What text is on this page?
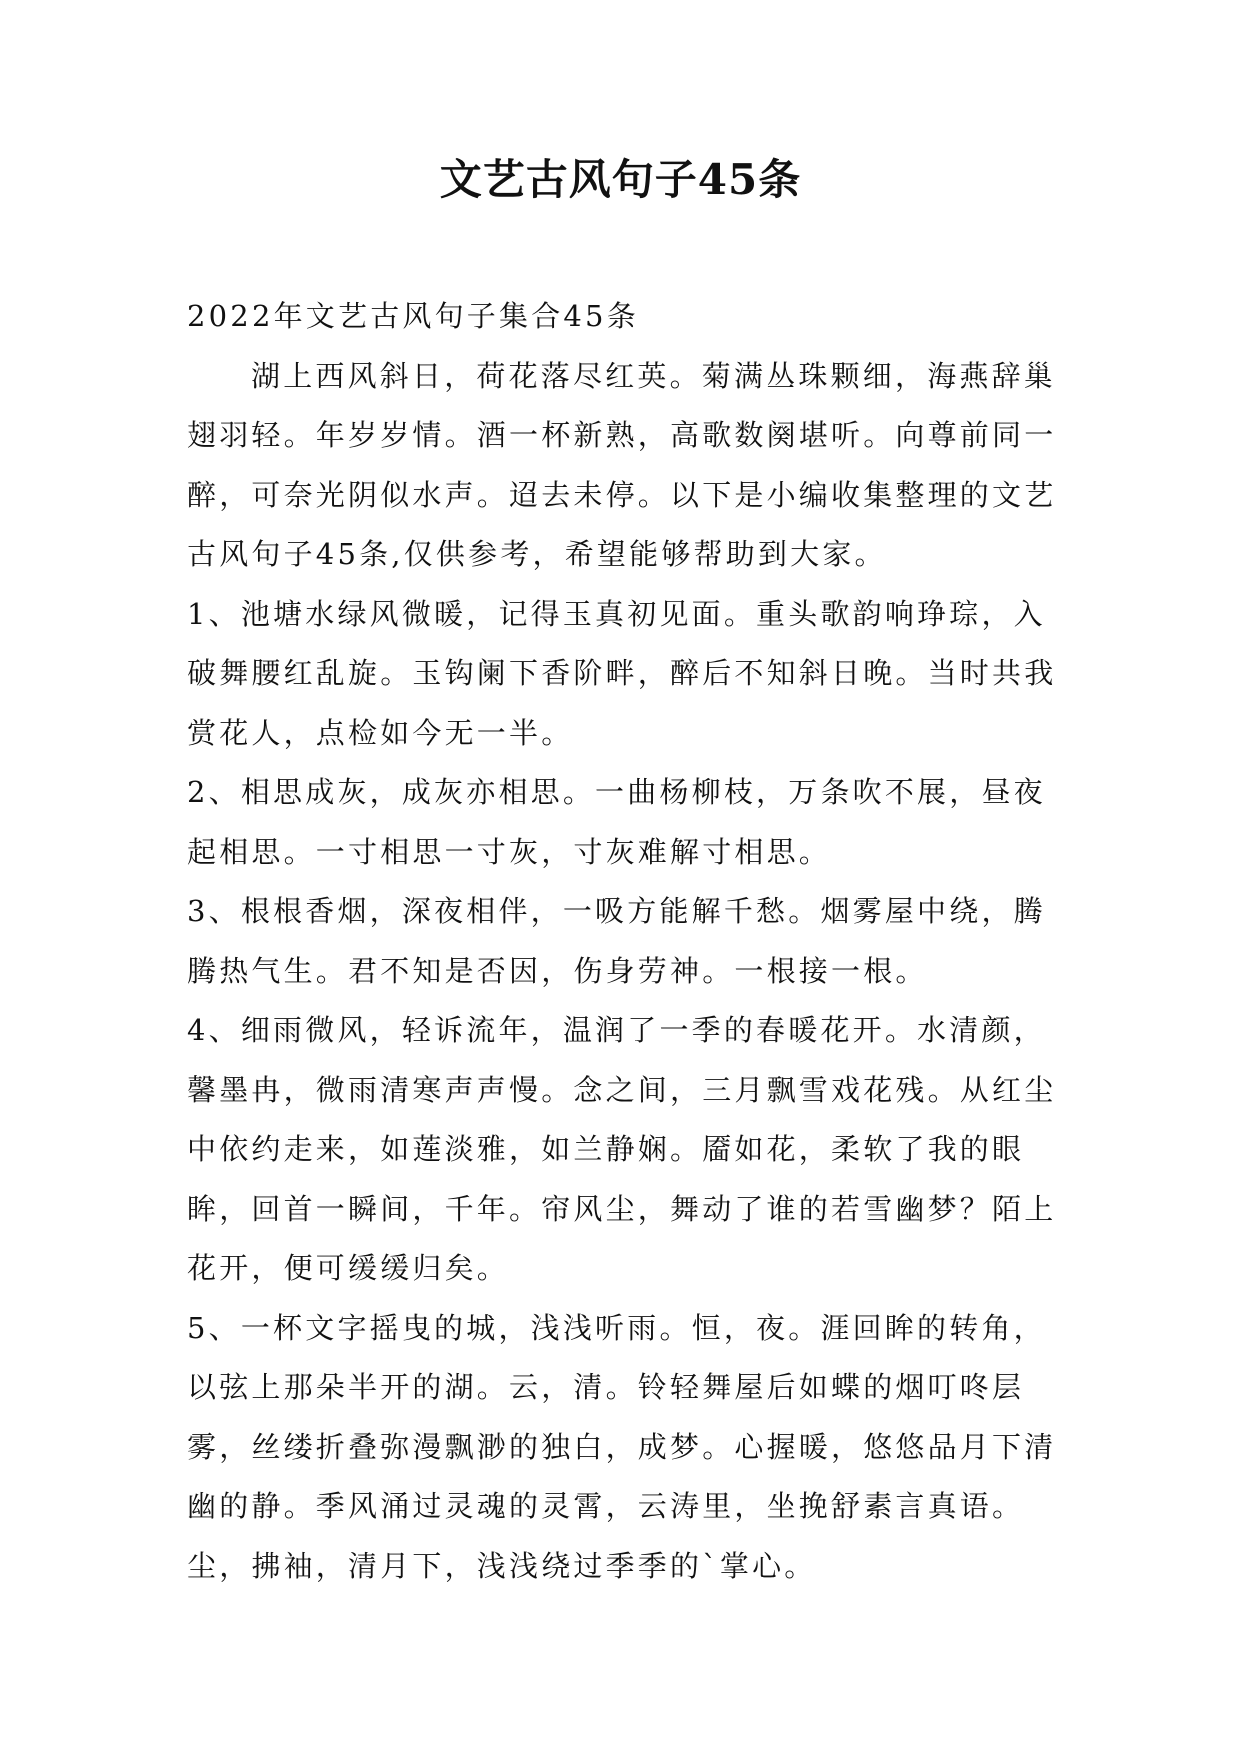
文艺古风句子45条

2022年文艺古风句子集合45条

湖上西风斜日，荷花落尽红英。菊满丛珠颗细，海燕辞巢翅羽轻。年岁岁情。酒一杯新熟，高歌数阕堪听。向尊前同一醉，可奈光阴似水声。迢去未停。以下是小编收集整理的文艺古风句子45条,仅供参考，希望能够帮助到大家。

1、池塘水绿风微暖，记得玉真初见面。重头歌韵响琤琮，入破舞腰红乱旋。玉钩阑下香阶畔，醉后不知斜日晚。当时共我赏花人，点检如今无一半。

2、相思成灰，成灰亦相思。一曲杨柳枝，万条吹不展，昼夜起相思。一寸相思一寸灰，寸灰难解寸相思。

3、根根香烟，深夜相伴，一吸方能解千愁。烟雾屋中绕，腾腾热气生。君不知是否因，伤身劳神。一根接一根。

4、细雨微风，轻诉流年，温润了一季的春暖花开。水清颜，馨墨冉，微雨清寒声声慢。念之间，三月飘雪戏花残。从红尘中依约走来，如莲淡雅，如兰静娴。靥如花，柔软了我的眼眸，回首一瞬间，千年。帘风尘，舞动了谁的若雪幽梦？陌上花开，便可缓缓归矣。

5、一杯文字摇曳的城，浅浅听雨。恒，夜。涯回眸的转角，以弦上那朵半开的湖。云，清。铃轻舞屋后如蝶的烟叮咚层雾，丝缕折叠弥漫飘渺的独白，成梦。心握暖，悠悠品月下清幽的静。季风涌过灵魂的灵霄，云涛里，坐挽舒素言真语。尘，拂袖，清月下，浅浅绕过季季的`掌心。
